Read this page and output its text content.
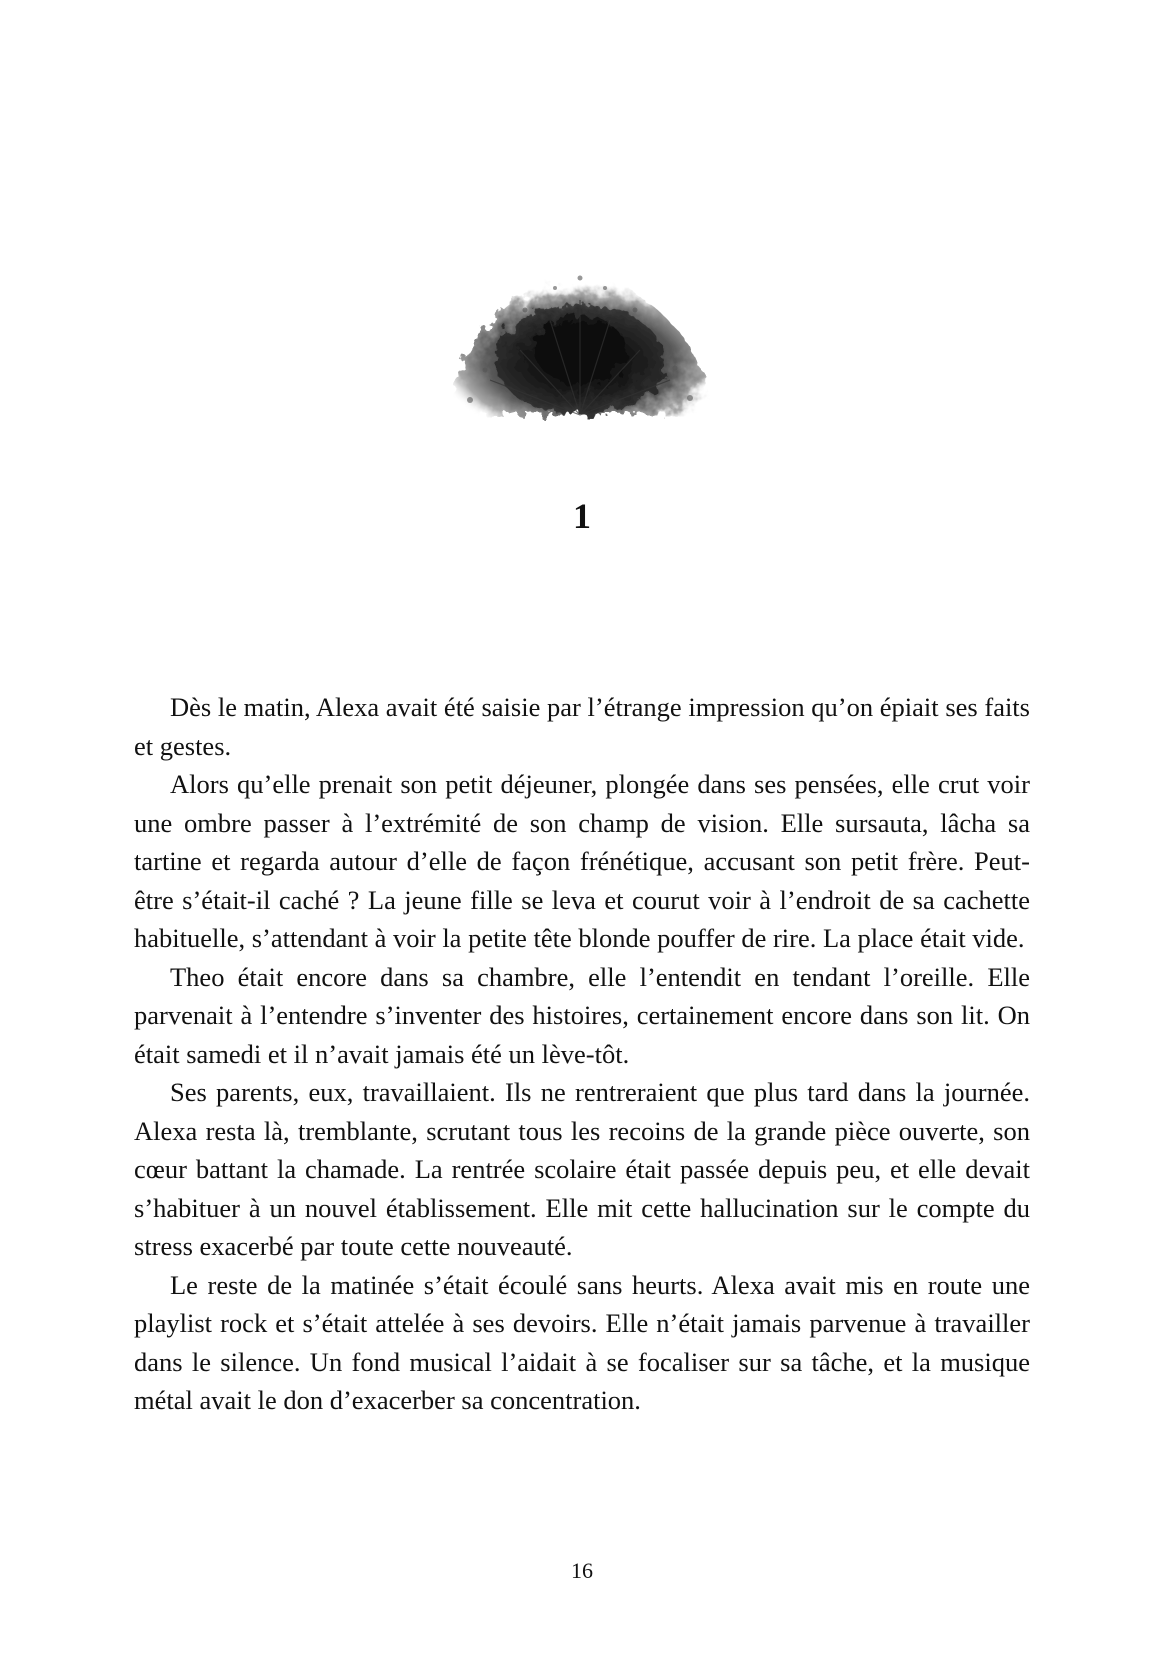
1

Dès le matin, Alexa avait été saisie par l’étrange impression qu’on épiait ses faits et gestes.

Alors qu’elle prenait son petit déjeuner, plongée dans ses pensées, elle crut voir une ombre passer à l’extrémité de son champ de vision. Elle sursauta, lâcha sa tartine et regarda autour d’elle de façon frénétique, accusant son petit frère. Peut-être s’était-il caché ? La jeune fille se leva et courut voir à l’endroit de sa cachette habituelle, s’attendant à voir la petite tête blonde pouffer de rire. La place était vide.

Theo était encore dans sa chambre, elle l’entendit en tendant l’oreille. Elle parvenait à l’entendre s’inventer des histoires, certainement encore dans son lit. On était samedi et il n’avait jamais été un lève-tôt.

Ses parents, eux, travaillaient. Ils ne rentreraient que plus tard dans la journée. Alexa resta là, tremblante, scrutant tous les recoins de la grande pièce ouverte, son cœur battant la chamade. La rentrée scolaire était passée depuis peu, et elle devait s’habituer à un nouvel établissement. Elle mit cette hallucination sur le compte du stress exacerbé par toute cette nouveauté.

Le reste de la matinée s’était écoulé sans heurts. Alexa avait mis en route une playlist rock et s’était attelée à ses devoirs. Elle n’était jamais parvenue à travailler dans le silence. Un fond musical l’aidait à se focaliser sur sa tâche, et la musique métal avait le don d’exacerber sa concentration.

16
